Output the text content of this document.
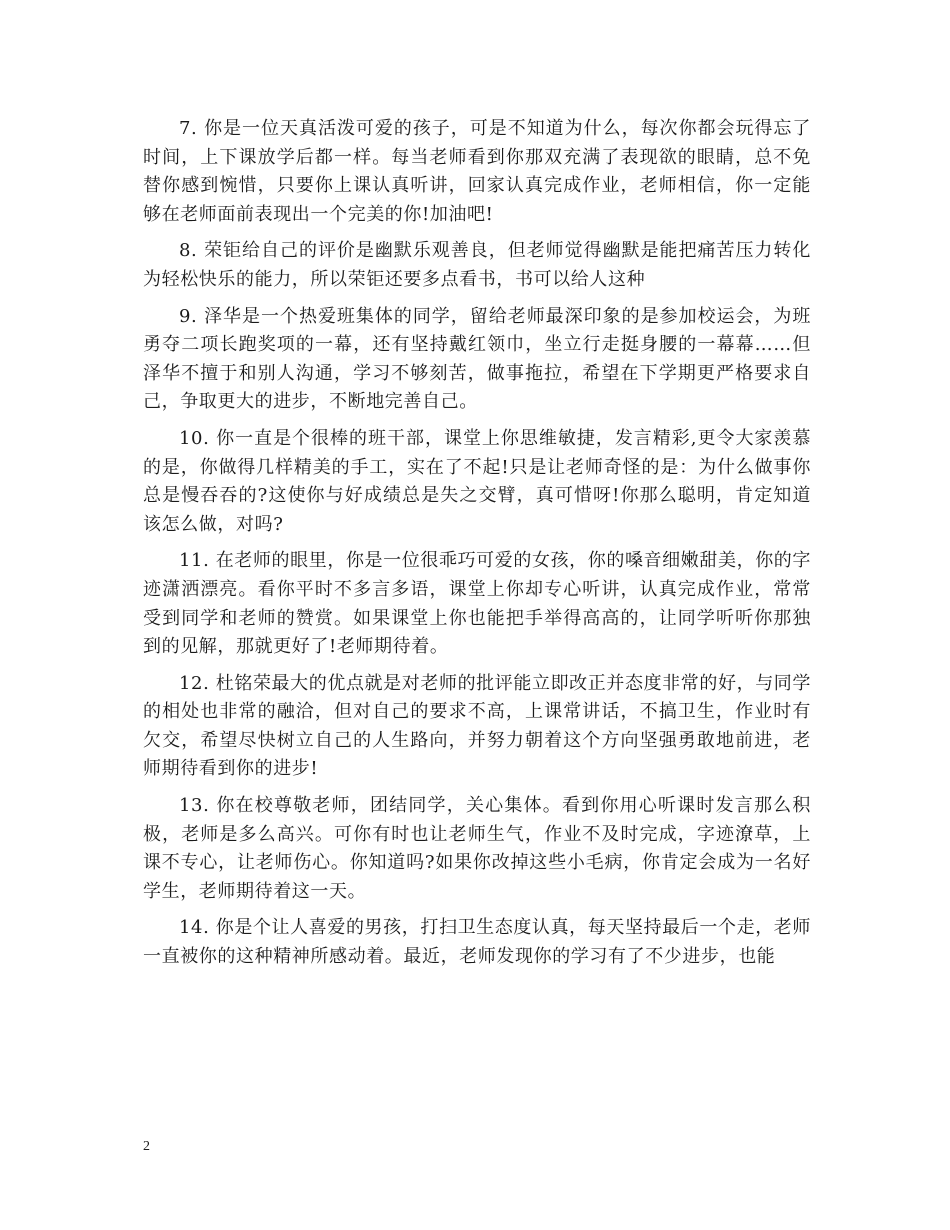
7. 你是一位天真活泼可爱的孩子，可是不知道为什么，每次你都会玩得忘了时间，上下课放学后都一样。每当老师看到你那双充满了表现欲的眼睛，总不免替你感到惋惜，只要你上课认真听讲，回家认真完成作业，老师相信，你一定能够在老师面前表现出一个完美的你!加油吧!

8. 荣钜给自己的评价是幽默乐观善良，但老师觉得幽默是能把痛苦压力转化为轻松快乐的能力，所以荣钜还要多点看书，书可以给人这种

9. 泽华是一个热爱班集体的同学，留给老师最深印象的是参加校运会，为班勇夺二项长跑奖项的一幕，还有坚持戴红领巾，坐立行走挺身腰的一幕幕……但泽华不擅于和别人沟通，学习不够刻苦，做事拖拉，希望在下学期更严格要求自己，争取更大的进步，不断地完善自己。

10. 你一直是个很棒的班干部，课堂上你思维敏捷，发言精彩,更令大家羡慕的是，你做得几样精美的手工，实在了不起!只是让老师奇怪的是：为什么做事你总是慢吞吞的?这使你与好成绩总是失之交臂，真可惜呀!你那么聪明，肯定知道该怎么做，对吗?

11. 在老师的眼里，你是一位很乖巧可爱的女孩，你的嗓音细嫩甜美，你的字迹潇洒漂亮。看你平时不多言多语，课堂上你却专心听讲，认真完成作业，常常受到同学和老师的赞赏。如果课堂上你也能把手举得高高的，让同学听听你那独到的见解，那就更好了!老师期待着。

12. 杜铭荣最大的优点就是对老师的批评能立即改正并态度非常的好，与同学的相处也非常的融洽，但对自己的要求不高，上课常讲话，不搞卫生，作业时有欠交，希望尽快树立自己的人生路向，并努力朝着这个方向坚强勇敢地前进，老师期待看到你的进步!

13. 你在校尊敬老师，团结同学，关心集体。看到你用心听课时发言那么积极，老师是多么高兴。可你有时也让老师生气，作业不及时完成，字迹潦草，上课不专心，让老师伤心。你知道吗?如果你改掉这些小毛病，你肯定会成为一名好学生，老师期待着这一天。

14. 你是个让人喜爱的男孩，打扫卫生态度认真，每天坚持最后一个走，老师一直被你的这种精神所感动着。最近，老师发现你的学习有了不少进步，也能

2
